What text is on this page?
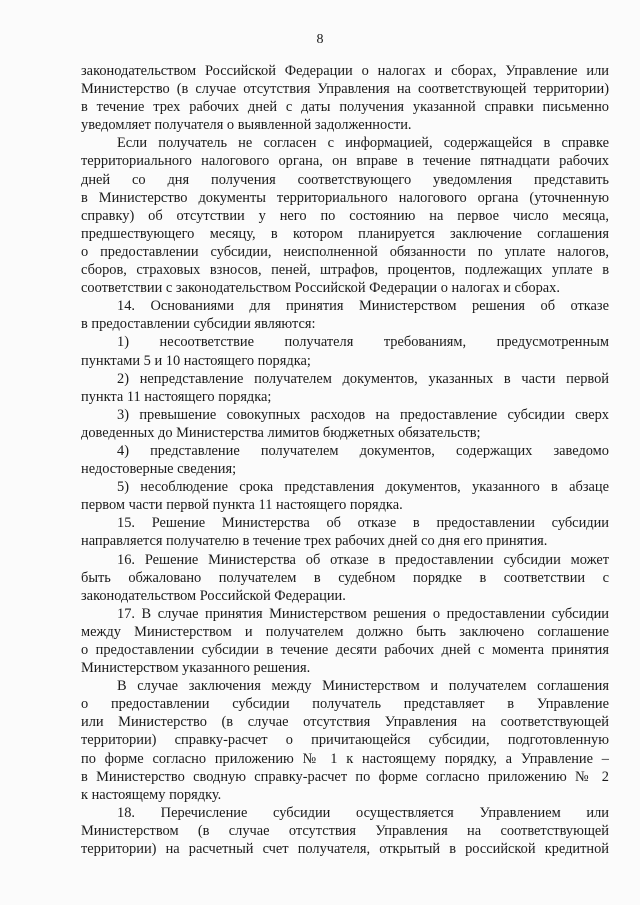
8

законодательством Российской Федерации о налогах и сборах, Управление или

Министерство (в случае отсутствия Управления на соответствующей территории)

в течение трех рабочих дней с даты получения указанной справки письменно

уведомляет получателя о выявленной задолженности.

Если получатель не согласен с информацией, содержащейся в справке

территориального налогового органа, он вправе в течение пятнадцати рабочих

дней со дня получения соответствующего уведомления представить

в Министерство документы территориального налогового органа (уточненную

справку) об отсутствии у него по состоянию на первое число месяца,

предшествующего месяцу, в котором планируется заключение соглашения

о предоставлении субсидии, неисполненной обязанности по уплате налогов,

сборов, страховых взносов, пеней, штрафов, процентов, подлежащих уплате в

соответствии с законодательством Российской Федерации о налогах и сборах.

14. Основаниями для принятия Министерством решения об отказе

в предоставлении субсидии являются:

1) несоответствие получателя требованиям, предусмотренным

пунктами 5 и 10 настоящего порядка;

2) непредставление получателем документов, указанных в части первой

пункта 11 настоящего порядка;

3) превышение совокупных расходов на предоставление субсидии сверх

доведенных до Министерства лимитов бюджетных обязательств;

4) представление получателем документов, содержащих заведомо

недостоверные сведения;

5) несоблюдение срока представления документов, указанного в абзаце

первом части первой пункта 11 настоящего порядка.

15. Решение Министерства об отказе в предоставлении субсидии

направляется получателю в течение трех рабочих дней со дня его принятия.

16. Решение Министерства об отказе в предоставлении субсидии может

быть обжаловано получателем в судебном порядке в соответствии с

законодательством Российской Федерации.

17. В случае принятия Министерством решения о предоставлении субсидии

между Министерством и получателем должно быть заключено соглашение

о предоставлении субсидии в течение десяти рабочих дней с момента принятия

Министерством указанного решения.

В случае заключения между Министерством и получателем соглашения

о предоставлении субсидии получатель представляет в Управление

или Министерство (в случае отсутствия Управления на соответствующей

территории) справку-расчет о причитающейся субсидии, подготовленную

по форме согласно приложению № 1 к настоящему порядку, а Управление –

в Министерство сводную справку-расчет по форме согласно приложению № 2

к настоящему порядку.

18. Перечисление субсидии осуществляется Управлением или

Министерством (в случае отсутствия Управления на соответствующей

территории) на расчетный счет получателя, открытый в российской кредитной
